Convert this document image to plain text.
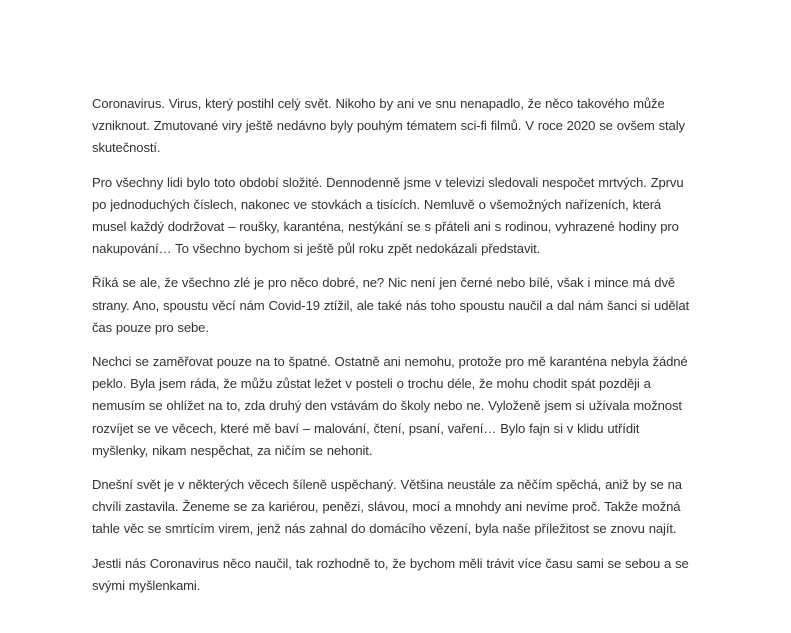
Coronavirus. Virus, který postihl celý svět. Nikoho by ani ve snu nenapadlo, že něco takového může vzniknout. Zmutované viry ještě nedávno byly pouhým tématem sci-fi filmů. V roce 2020 se ovšem staly skutečností.

Pro všechny lidi bylo toto období složité. Dennodenně jsme v televizi sledovali nespočet mrtvých. Zprvu po jednoduchých číslech, nakonec ve stovkách a tisících. Nemluvě o všemožných nařízeních, která musel každý dodržovat – roušky, karanténa, nestýkání se s přáteli ani s rodinou, vyhrazené hodiny pro nakupování… To všechno bychom si ještě půl roku zpět nedokázali představit.

Říká se ale, že všechno zlé je pro něco dobré, ne? Nic není jen černé nebo bílé, však i mince má dvě strany. Ano, spoustu věcí nám Covid-19 ztížil, ale také nás toho spoustu naučil a dal nám šanci si udělat čas pouze pro sebe.

Nechci se zaměřovat pouze na to špatné. Ostatně ani nemohu, protože pro mě karanténa nebyla žádné peklo. Byla jsem ráda, že můžu zůstat ležet v posteli o trochu déle, že mohu chodit spát později a nemusím se ohlížet na to, zda druhý den vstávám do školy nebo ne. Vyloženě jsem si užívala možnost rozvíjet se ve věcech, které mě baví – malování, čtení, psaní, vaření… Bylo fajn si v klidu utřídit myšlenky, nikam nespěchat, za ničím se nehonit.

Dnešní svět je v některých věcech šíleně uspěchaný. Většina neustále za něčím spěchá, aniž by se na chvíli zastavila. Ženeme se za kariérou, penězi, slávou, mocí a mnohdy ani nevíme proč. Takže možná tahle věc se smrtícím virem, jenž nás zahnal do domácího vězení, byla naše příležitost se znovu najít.

Jestli nás Coronavirus něco naučil, tak rozhodně to, že bychom měli trávit více času sami se sebou a se svými myšlenkami.
